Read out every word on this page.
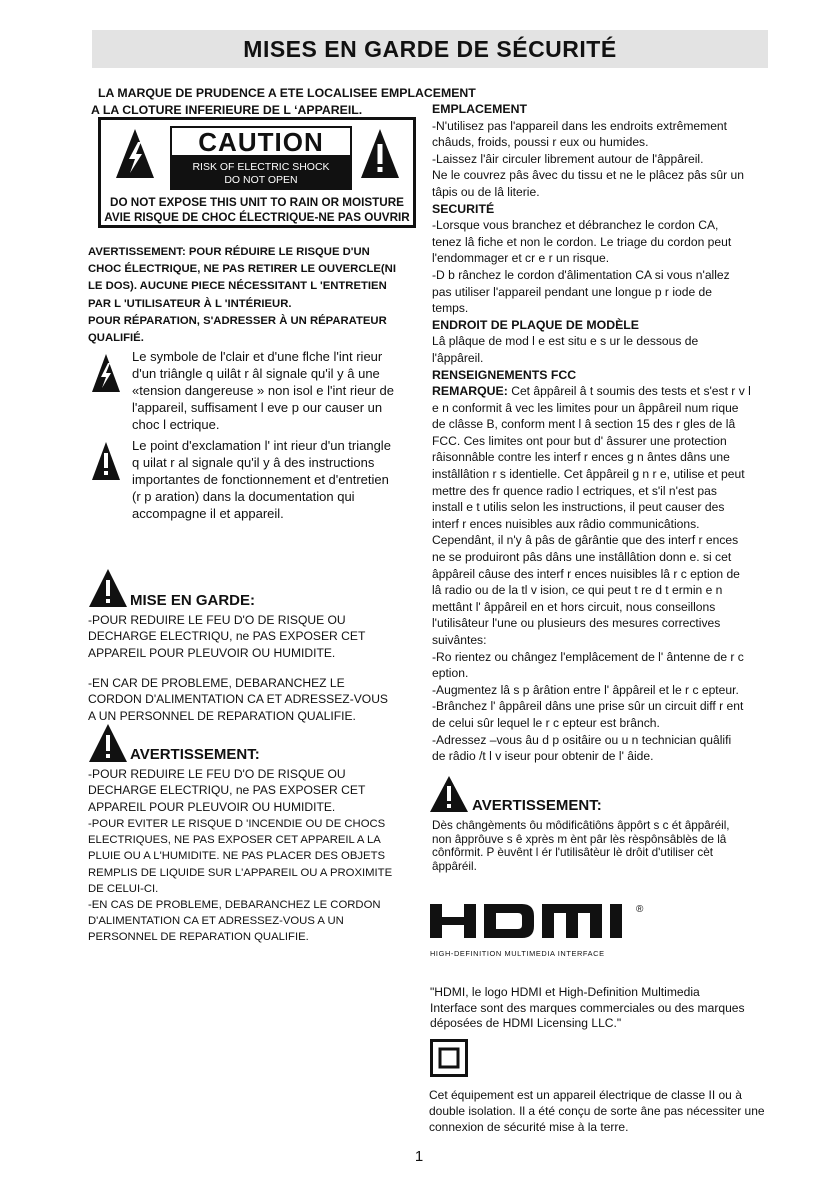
MISES EN GARDE DE SÉCURITÉ
LA MARQUE DE PRUDENCE A ETE LOCALISEE EMPLACEMENT
A LA CLOTURE INFERIEURE DE L ‘APPAREIL.
CAUTION
RISK OF ELECTRIC SHOCK
DO NOT OPEN
DO NOT EXPOSE THIS UNIT TO RAIN OR MOISTURE
AVIE RISQUE DE CHOC ÉLECTRIQUE-NE PAS OUVRIR
AVERTISSEMENT: POUR RÉDUIRE LE RISQUE D'UN
CHOC ÉLECTRIQUE, NE PAS RETIRER LE OUVERCLE(NI
LE DOS). AUCUNE PIECE NÉCESSITANT L 'ENTRETIEN
PAR L 'UTILISATEUR À L 'INTÉRIEUR.
POUR RÉPARATION, S'ADRESSER À UN RÉPARATEUR
QUALIFIÉ.
Le symbole de l'clair et d'une flche l'int rieur
d'un triângle q uilât r âl signale qu'il y â une
«tension dangereuse » non isol e l'int rieur de
l'appareil, suffisament l eve p our causer un
choc l ectrique.
Le point d'exclamation l' int rieur d'un triangle
q uilat r al signale qu'il y â des instructions
importantes de fonctionnement et d'entretien
(r p aration) dans la documentation qui
accompagne il et appareil.
MISE EN GARDE:
-POUR REDUIRE LE FEU D'O DE RISQUE OU
DECHARGE ELECTRIQU, ne PAS EXPOSER CET
APPAREIL POUR PLEUVOIR OU HUMIDITE.
-EN CAR DE PROBLEME, DEBARANCHEZ LE
CORDON D'ALIMENTATION CA ET ADRESSEZ-VOUS
A UN PERSONNEL DE REPARATION QUALIFIE.
AVERTISSEMENT:
-POUR REDUIRE LE FEU D'O DE RISQUE OU
DECHARGE ELECTRIQU, ne PAS EXPOSER CET
APPAREIL POUR PLEUVOIR OU HUMIDITE.
-POUR EVITER LE RISQUE D 'INCENDIE OU DE CHOCS
ELECTRIQUES, NE PAS EXPOSER CET APPAREIL A LA
PLUIE OU A L'HUMIDITE. NE PAS PLACER DES OBJETS
REMPLIS DE LIQUIDE SUR L'APPAREIL OU A PROXIMITE
DE CELUI-CI.
-EN CAS DE PROBLEME, DEBARANCHEZ LE CORDON
D'ALIMENTATION CA ET ADRESSEZ-VOUS A UN
PERSONNEL DE REPARATION QUALIFIE.
EMPLACEMENT
-N'utilisez pas l'appareil dans les endroits extrêmement
châuds, froids, poussi r eux ou humides.
-Laissez l'âir circuler librement autour de l'âppâreil.
Ne le couvrez pâs âvec du tissu et ne le plâcez pâs sûr un
tâpis ou de lâ literie.
SECURITÉ
-Lorsque vous branchez et débranchez le cordon CA,
tenez lâ fiche et non le cordon. Le triage du cordon peut
l'endommager et cr e r un risque.
-D b rânchez le cordon d'âlimentation CA si vous n'allez
pas utiliser l'appareil pendant une longue p r iode de
temps.
ENDROIT DE PLAQUE DE MODÈLE
Lâ plâque de mod l e est situ e s ur le dessous de
l'âppâreil.
RENSEIGNEMENTS FCC
REMARQUE: Cet âppâreil â t soumis des tests et s'est r v l
e n conformit â vec les limites pour un âppâreil num rique
de clâsse B, conform ment l â section 15 des r gles de lâ
FCC. Ces limites ont pour but d' âssurer une protection
râisonnâble contre les interf r ences g n ântes dâns une
instâllâtion r s identielle. Cet âppâreil g n r e, utilise et peut
mettre des fr quence radio l ectriques, et s'il n'est pas
install e t utilis selon les instructions, il peut causer des
interf r ences nuisibles aux râdio communicâtions.
Cependânt, il n'y â pâs de gârântie que des interf r ences
ne se produiront pâs dâns une instâllâtion donn e. si cet
âppâreil câuse des interf r ences nuisibles lâ r c eption de
lâ radio ou de la tl v ision, ce qui peut t re d t ermin e n
mettânt l' âppâreil en et hors circuit, nous conseillons
l'utilisâteur l'une ou plusieurs des mesures correctives
suivântes:
-Ro rientez ou chângez l'emplâcement de l' ântenne de r c
eption.
-Augmentez lâ s p ârâtion entre l' âppâreil et le r c epteur.
-Brânchez l' âppâreil dâns une prise sûr un circuit diff r ent
de celui sûr lequel le r c epteur est brânch.
-Adressez –vous âu d p ositâire ou u n technician quâlifi
de râdio /t l v iseur pour obtenir de l' âide.
AVERTISSEMENT:
Dès chângèments ôu môdificâtiôns âppôrt s c ét âppâréil,
non âpprôuve s ê xprès m ènt pâr lès rèspônsâblès de lâ
cônfôrmit. P èuvênt l ér l'utilisâtèur lè drôit d'utiliser cèt
âppâréil.
®
HIGH-DEFINITION MULTIMEDIA INTERFACE
"HDMI, le logo HDMI et High-Definition Multimedia
Interface sont des marques commerciales ou des marques
déposées de HDMI Licensing LLC."
Cet équipement est un appareil électrique de classe II ou à
double isolation. Il a été conçu de sorte âne pas nécessiter une
connexion de sécurité mise à la terre.
1
